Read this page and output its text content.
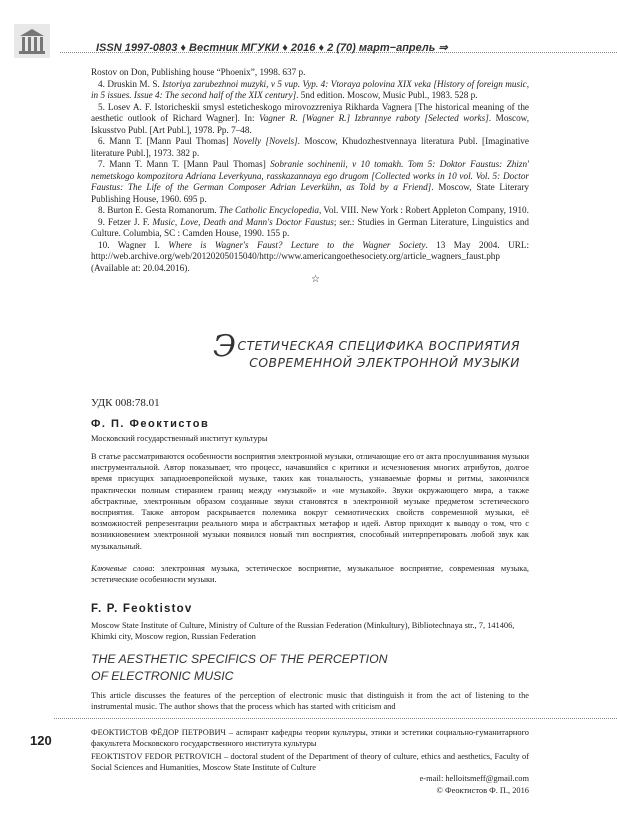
ISSN 1997-0803 ♦ Вестник МГУКИ ♦ 2016 ♦ 2 (70) март−апрель ⇒

Rostov on Don, Publishing house “Phoenix”, 1998. 637 p.

4. Druskin M. S. Istoriya zarubezhnoi muzyki, v 5 vup. Vyp. 4: Vtoraya polovina XIX veka [History of foreign music, in 5 issues. Issue 4: The second half of the XIX century]. 5nd edition. Moscow, Music Publ., 1983. 528 p.

5. Losev A. F. Istoricheskii smysl esteticheskogo mirovozzreniya Rikharda Vagnera [The historical meaning of the aesthetic outlook of Richard Wagner]. In: Vagner R. [Wagner R.] Izbrannye raboty [Selected works]. Moscow, Iskusstvo Publ. [Art Publ.], 1978. Pp. 7–48.

6. Mann T. [Mann Paul Thomas] Novelly [Novels]. Moscow, Khudozhestvennaya literatura Publ. [Imaginative literature Publ.], 1973. 382 p.

7. Mann T. Mann T. [Mann Paul Thomas] Sobranie sochinenii, v 10 tomakh. Tom 5: Doktor Faustus: Zhizn' nemetskogo kompozitora Adriana Leverkyuna, rasskazannaya ego drugom [Collected works in 10 vol. Vol. 5: Doctor Faustus: The Life of the German Composer Adrian Leverkühn, as Told by a Friend]. Moscow, State Literary Publishing House, 1960. 695 p.

8. Burton E. Gesta Romanorum. The Catholic Encyclopedia, Vol. VIII. New York : Robert Appleton Company, 1910.

9. Fetzer J. F. Music, Love, Death and Mann's Doctor Faustus; ser.: Studies in German Literature, Linguistics and Culture. Columbia, SC : Camden House, 1990. 155 p.

10. Wagner I. Where is Wagner's Faust? Lecture to the Wagner Society. 13 May 2004. URL: http://web.archive.org/web/20120205015040/http://www.americangoethesociety.org/article_wagners_faust.php (Available at: 20.04.2016).

☆
ЭСТЕТИЧЕСКАЯ СПЕЦИФИКА ВОСПРИЯТИЯ
СОВРЕМЕННОЙ ЭЛЕКТРОННОЙ МУЗЫКИ
УДК 008:78.01
Ф. П. Феоктистов
Московский государственный институт культуры

В статье рассматриваются особенности восприятия электронной музыки, отличающие его от акта прослушивания музыки инструментальной. Автор показывает, что процесс, начавшийся с критики и исчезновения многих атрибутов, долгое время присущих западноевропейской музыке, таких как тональность, узнаваемые формы и ритмы, закончился практически полным стиранием границ между «музыкой» и «не музыкой». Звуки окружающего мира, а также абстрактные, электронным образом созданные звуки становятся в электронной музыке предметом эстетического восприятия. Также автором раскрывается полемика вокруг семиотических свойств современной музыки, её возможностей репрезентации реального мира и абстрактных метафор и идей. Автор приходит к выводу о том, что с возникновением электронной музыки появился новый тип восприятия, способный интерпретировать любой звук как музыкальный.

Ключевые слова: электронная музыка, эстетическое восприятие, музыкальное восприятие, современная музыка, эстетические особенности музыки.
F. P. Feoktistov
Moscow State Institute of Culture, Ministry of Culture of the Russian Federation (Minkultury), Bibliotechnaya str., 7, 141406, Khimki city, Moscow region, Russian Federation
THE AESTHETIC SPECIFICS OF THE PERCEPTION
OF ELECTRONIC MUSIC
This article discusses the features of the perception of electronic music that distinguish it from the act of listening to the instrumental music. The author shows that the process which has started with criticism and
120
ФЕОКТИСТОВ ФЁДОР ПЕТРОВИЧ – аспирант кафедры теории культуры, этики и эстетики социально-гуманитарного факультета Московского государственного института культуры
FEOKTISTOV FEDOR PETROVICH – doctoral student of the Department of theory of culture, ethics and aesthetics, Faculty of Social Sciences and Humanities, Moscow State Institute of Culture
e-mail: helloitsmeff@gmail.com
© Феоктистов Ф. П., 2016
